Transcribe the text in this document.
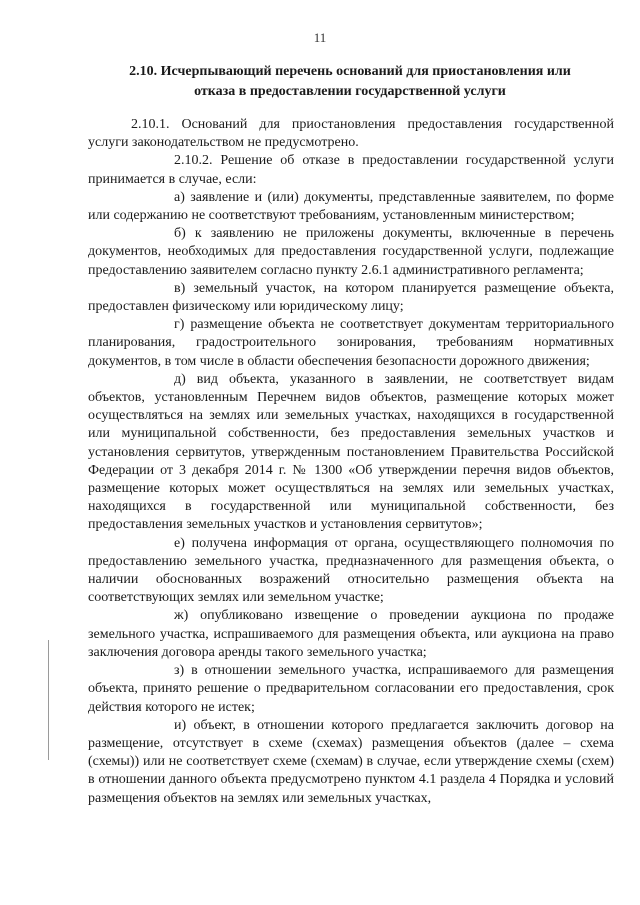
11
2.10. Исчерпывающий перечень оснований для приостановления или
отказа в предоставлении государственной услуги

2.10.1. Оснований для приостановления предоставления государственной услуги законодательством не предусмотрено.

2.10.2. Решение об отказе в предоставлении государственной услуги принимается в случае, если:

а) заявление и (или) документы, представленные заявителем, по форме или содержанию не соответствуют требованиям, установленным министерством;

б) к заявлению не приложены документы, включенные в перечень документов, необходимых для предоставления государственной услуги, подлежащие предоставлению заявителем согласно пункту 2.6.1 административного регламента;

в) земельный участок, на котором планируется размещение объекта, предоставлен физическому или юридическому лицу;

г) размещение объекта не соответствует документам территориального планирования, градостроительного зонирования, требованиям нормативных документов, в том числе в области обеспечения безопасности дорожного движения;

д) вид объекта, указанного в заявлении, не соответствует видам объектов, установленным Перечнем видов объектов, размещение которых может осуществляться на землях или земельных участках, находящихся в государственной или муниципальной собственности, без предоставления земельных участков и установления сервитутов, утвержденным постановлением Правительства Российской Федерации от 3 декабря 2014 г. № 1300 «Об утверждении перечня видов объектов, размещение которых может осуществляться на землях или земельных участках, находящихся в государственной или муниципальной собственности, без предоставления земельных участков и установления сервитутов»;

е) получена информация от органа, осуществляющего полномочия по предоставлению земельного участка, предназначенного для размещения объекта, о наличии обоснованных возражений относительно размещения объекта на соответствующих землях или земельном участке;

ж) опубликовано извещение о проведении аукциона по продаже земельного участка, испрашиваемого для размещения объекта, или аукциона на право заключения договора аренды такого земельного участка;

з) в отношении земельного участка, испрашиваемого для размещения объекта, принято решение о предварительном согласовании его предоставления, срок действия которого не истек;

и) объект, в отношении которого предлагается заключить договор на размещение, отсутствует в схеме (схемах) размещения объектов (далее – схема (схемы)) или не соответствует схеме (схемам) в случае, если утверждение схемы (схем) в отношении данного объекта предусмотрено пунктом 4.1 раздела 4 Порядка и условий размещения объектов на землях или земельных участках,
